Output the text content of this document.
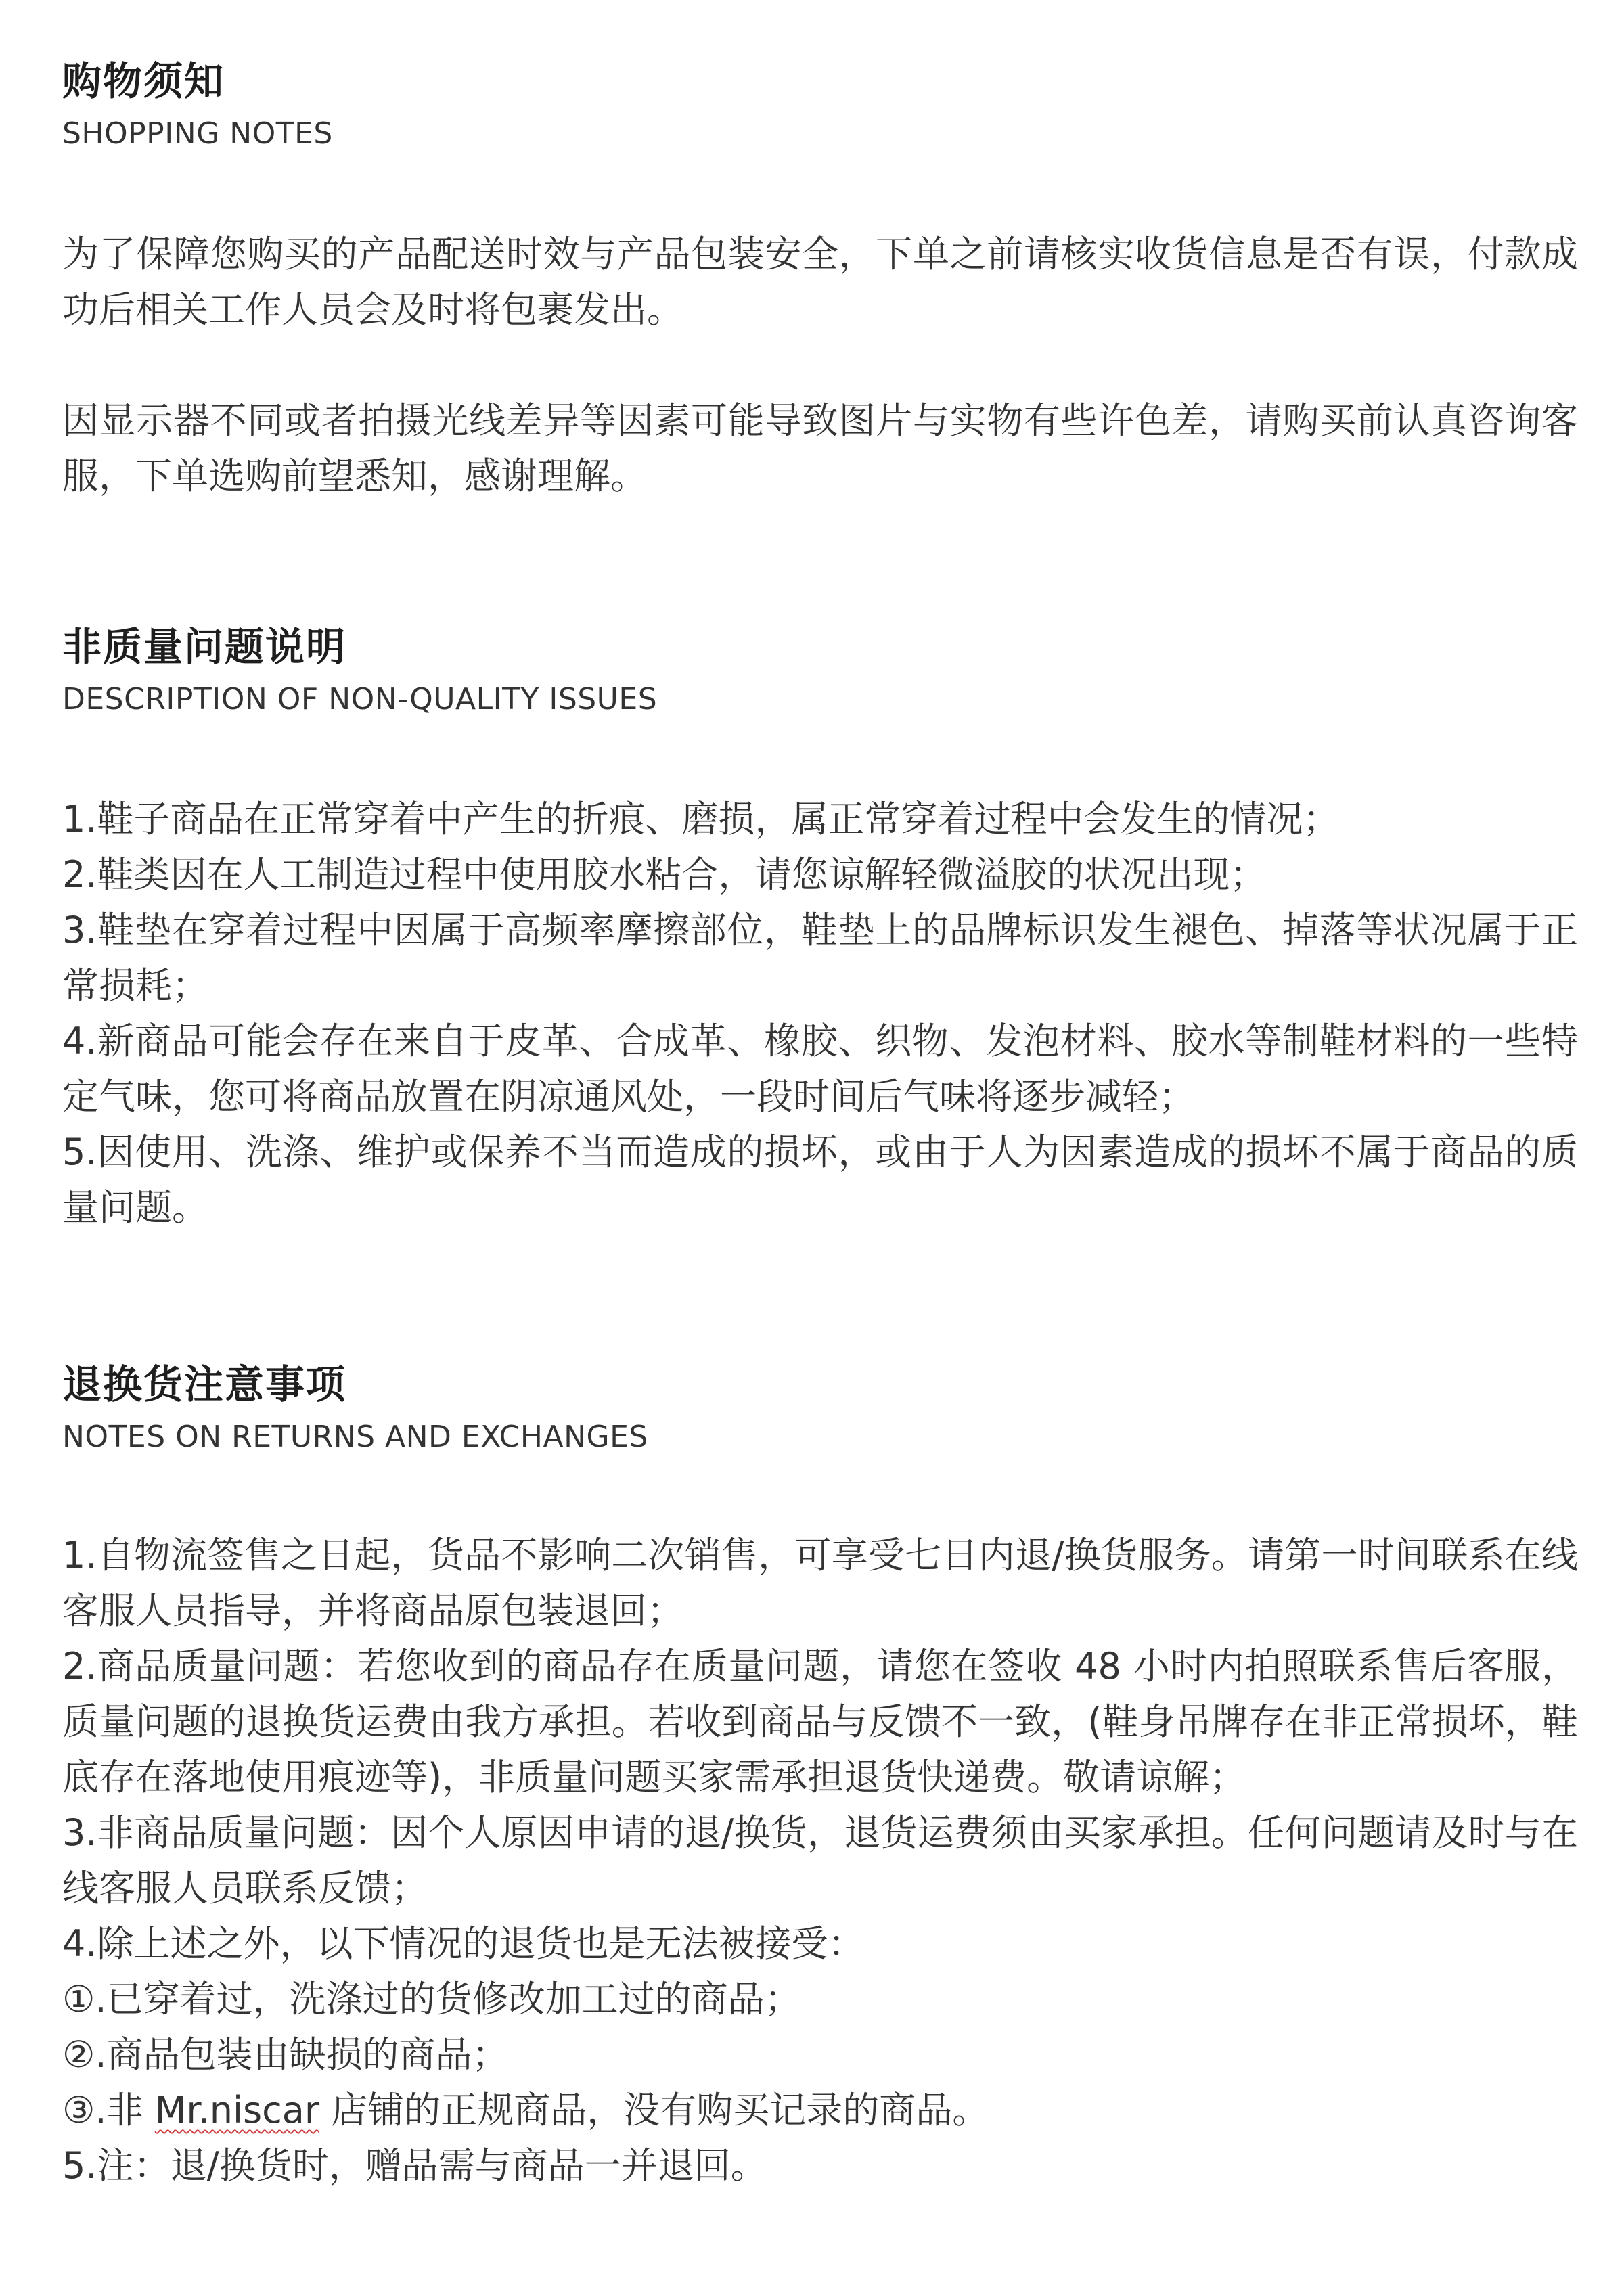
购物须知
SHOPPING NOTES

为了保障您购买的产品配送时效与产品包装安全，下单之前请核实收货信息是否有误，付款成功后相关工作人员会及时将包裹发出。

因显示器不同或者拍摄光线差异等因素可能导致图片与实物有些许色差，请购买前认真咨询客服，下单选购前望悉知，感谢理解。

非质量问题说明
DESCRIPTION OF NON-QUALITY ISSUES

1.鞋子商品在正常穿着中产生的折痕、磨损，属正常穿着过程中会发生的情况；

2.鞋类因在人工制造过程中使用胶水粘合，请您谅解轻微溢胶的状况出现；

3.鞋垫在穿着过程中因属于高频率摩擦部位，鞋垫上的品牌标识发生褪色、掉落等状况属于正常损耗；

4.新商品可能会存在来自于皮革、合成革、橡胶、织物、发泡材料、胶水等制鞋材料的一些特定气味，您可将商品放置在阴凉通风处，一段时间后气味将逐步减轻；

5.因使用、洗涤、维护或保养不当而造成的损坏，或由于人为因素造成的损坏不属于商品的质量问题。

退换货注意事项
NOTES ON RETURNS AND EXCHANGES

1.自物流签售之日起，货品不影响二次销售，可享受七日内退/换货服务。请第一时间联系在线客服人员指导，并将商品原包装退回；

2.商品质量问题：若您收到的商品存在质量问题，请您在签收 48 小时内拍照联系售后客服，质量问题的退换货运费由我方承担。若收到商品与反馈不一致，(鞋身吊牌存在非正常损坏，鞋底存在落地使用痕迹等)，非质量问题买家需承担退货快递费。敬请谅解；

3.非商品质量问题：因个人原因申请的退/换货，退货运费须由买家承担。任何问题请及时与在线客服人员联系反馈；

4.除上述之外，以下情况的退货也是无法被接受：

①.已穿着过，洗涤过的货修改加工过的商品；

②.商品包装由缺损的商品；

③.非 Mr.niscar 店铺的正规商品，没有购买记录的商品。

5.注：退/换货时，赠品需与商品一并退回。
